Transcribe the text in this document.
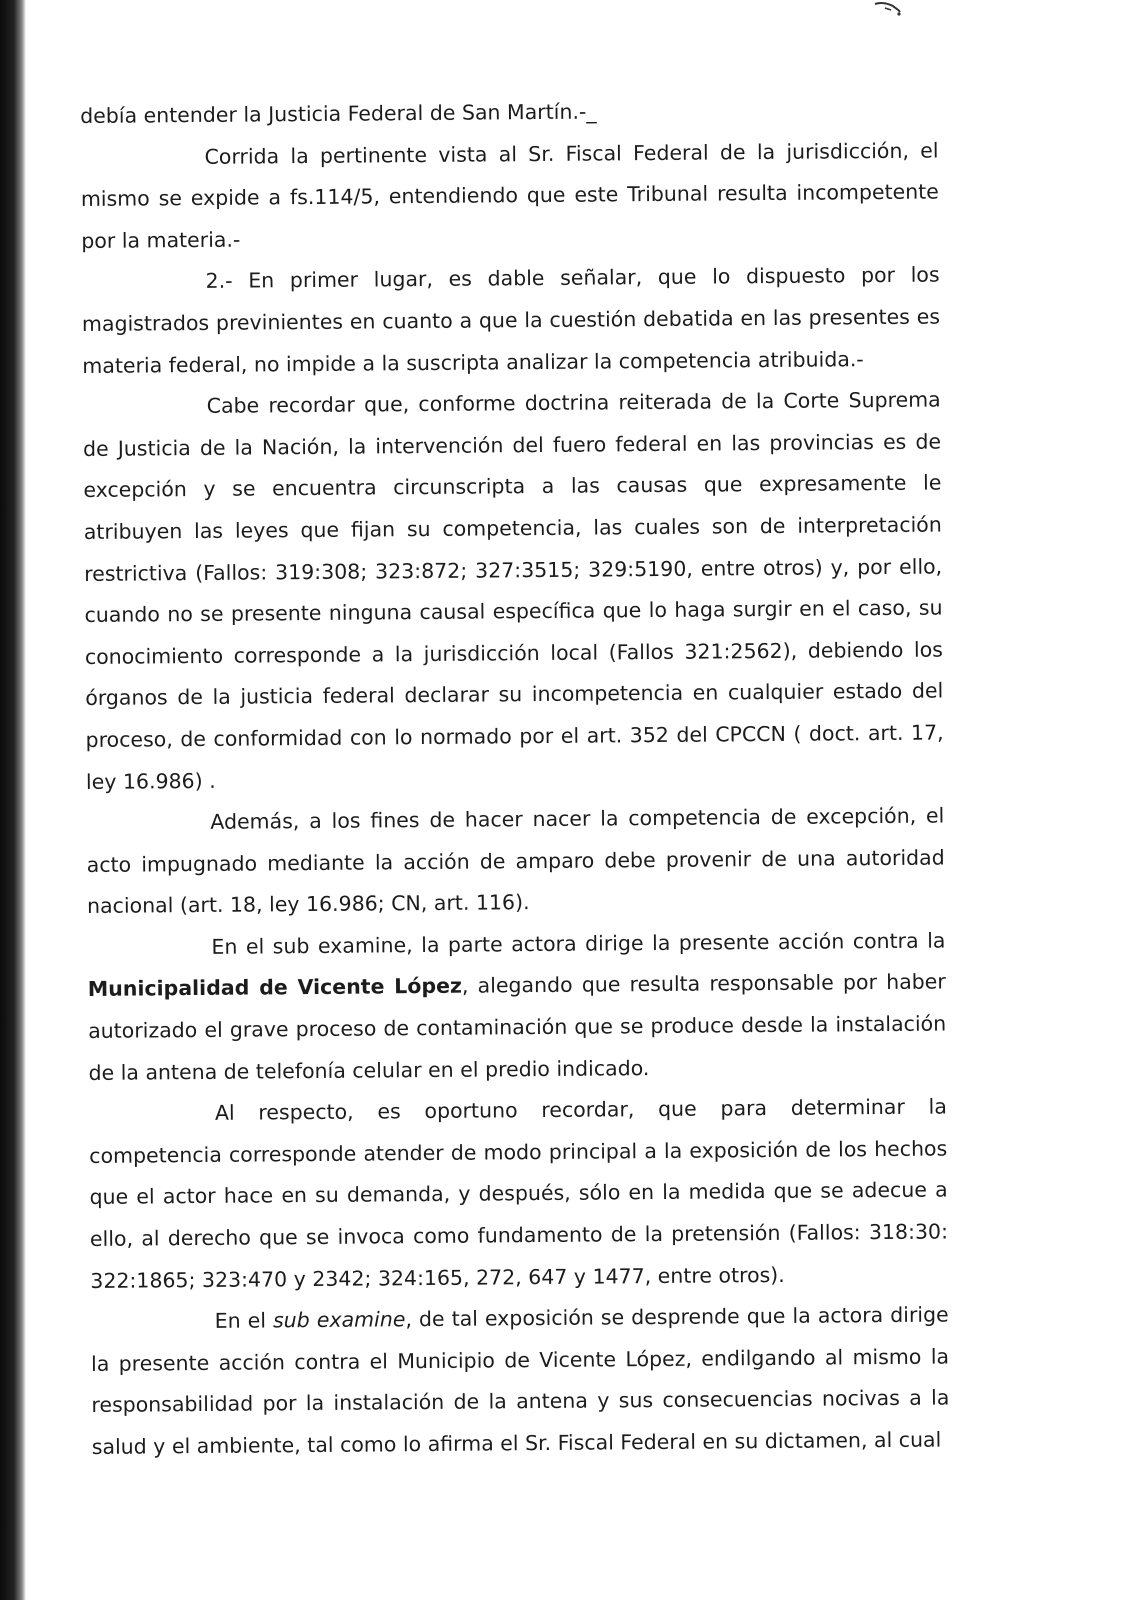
debía entender la Justicia Federal de San Martín.-_

Corrida la pertinente vista al Sr. Fiscal Federal de la jurisdicción, el mismo se expide a fs.114/5, entendiendo que este Tribunal resulta incompetente por la materia.-

2.- En primer lugar, es dable señalar, que lo dispuesto por los magistrados previnientes en cuanto a que la cuestión debatida en las presentes es materia federal, no impide a la suscripta analizar la competencia atribuida.-

Cabe recordar que, conforme doctrina reiterada de la Corte Suprema de Justicia de la Nación, la intervención del fuero federal en las provincias es de excepción y se encuentra circunscripta a las causas que expresamente le atribuyen las leyes que fijan su competencia, las cuales son de interpretación restrictiva (Fallos: 319:308; 323:872; 327:3515; 329:5190, entre otros) y, por ello, cuando no se presente ninguna causal específica que lo haga surgir en el caso, su conocimiento corresponde a la jurisdicción local (Fallos 321:2562), debiendo los órganos de la justicia federal declarar su incompetencia en cualquier estado del proceso, de conformidad con lo normado por el art. 352 del CPCCN ( doct. art. 17, ley 16.986) .

Además, a los fines de hacer nacer la competencia de excepción, el acto impugnado mediante la acción de amparo debe provenir de una autoridad nacional (art. 18, ley 16.986; CN, art. 116).

En el sub examine, la parte actora dirige la presente acción contra la Municipalidad de Vicente López, alegando que resulta responsable por haber autorizado el grave proceso de contaminación que se produce desde la instalación de la antena de telefonía celular en el predio indicado.

Al respecto, es oportuno recordar, que para determinar la competencia corresponde atender de modo principal a la exposición de los hechos que el actor hace en su demanda, y después, sólo en la medida que se adecue a ello, al derecho que se invoca como fundamento de la pretensión (Fallos: 318:30: 322:1865; 323:470 y 2342; 324:165, 272, 647 y 1477, entre otros).

En el sub examine, de tal exposición se desprende que la actora dirige la presente acción contra el Municipio de Vicente López, endilgando al mismo la responsabilidad por la instalación de la antena y sus consecuencias nocivas a la salud y el ambiente, tal como lo afirma el Sr. Fiscal Federal en su dictamen, al cual
